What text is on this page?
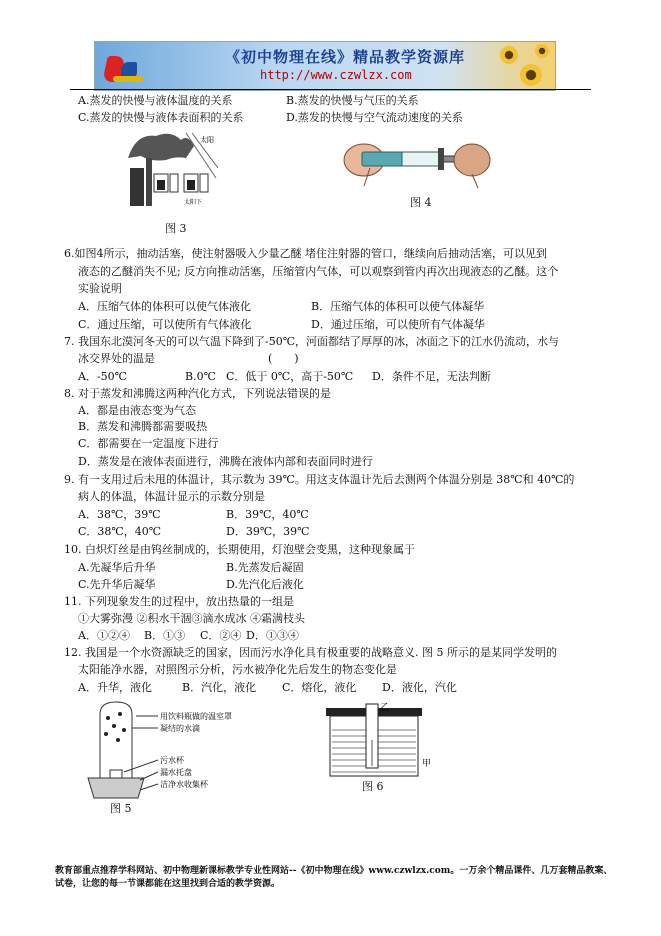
《初中物理在线》精品教学资源库
http://www.czwlzx.com
A.蒸发的快慢与液体温度的关系	B.蒸发的快慢与气压的关系
C.蒸发的快慢与液体表面积的关系	D.蒸发的快慢与空气流动速度的关系
太阳
树荫下 太阳下
图 3
图 4
6.如图4所示，抽动活塞，使注射器吸入少量乙醚 堵住注射器的管口，继续向后抽动活塞，可以见到
液态的乙醚消失不见; 反方向推动活塞，压缩管内气体，可以观察到管内再次出现液态的乙醚。这个
实验说明
A．压缩气体的体积可以使气体液化	B．压缩气体的体积可以使气体凝华
C．通过压缩，可以使所有气体液化	D．通过压缩，可以使所有气体凝华
7. 我国东北漠河冬天的可以气温下降到了-50℃，河面都结了厚厚的冰，冰面之下的江水仍流动，水与
冰交界处的温是	(　　)
A．-50℃	B.0℃ C．低于 0℃，高于-50℃ D．条件不足，无法判断
8. 对于蒸发和沸腾这两种汽化方式，下列说法错误的是
A．都是由液态变为气态
B．蒸发和沸腾都需要吸热
C．都需要在一定温度下进行
D．蒸发是在液体表面进行，沸腾在液体内部和表面同时进行
9. 有一支用过后未甩的体温计，其示数为 39℃。用这支体温计先后去测两个体温分别是 38℃和 40℃的
病人的体温，体温计显示的示数分别是
A．38℃，39℃	B．39℃，40℃
C．38℃，40℃	D．39℃，39℃
10. 白炽灯丝是由钨丝制成的，长期使用，灯泡壁会变黑，这种现象属于
A.先凝华后升华	B.先蒸发后凝固
C.先升华后凝华	D.先汽化后液化
11. 下列现象发生的过程中，放出热量的一组是
①大雾弥漫 ②积水干涸③滴水成冰 ④霜满枝头
A．①②④ B．①③ C．②④ D．①③④
12. 我国是一个水资源缺乏的国家，因而污水净化具有极重要的战略意义. 图 5 所示的是某同学发明的
太阳能净水器，对照图示分析，污水被净化先后发生的物态变化是
A．升华，液化	B．汽化，液化 C．熔化，液化 D．液化，汽化
用饮料瓶做的温室罩
凝结的水滴
污水杯
漏水托盘
洁净水收集杯
图 5
乙
甲
图 6
教育部重点推荐学科网站、初中物理新课标教学专业性网站--《初中物理在线》www.czwlzx.com。一万余个精品课件、几万套精品教案、试卷，让您的每一节课都能在这里找到合适的教学资源。
